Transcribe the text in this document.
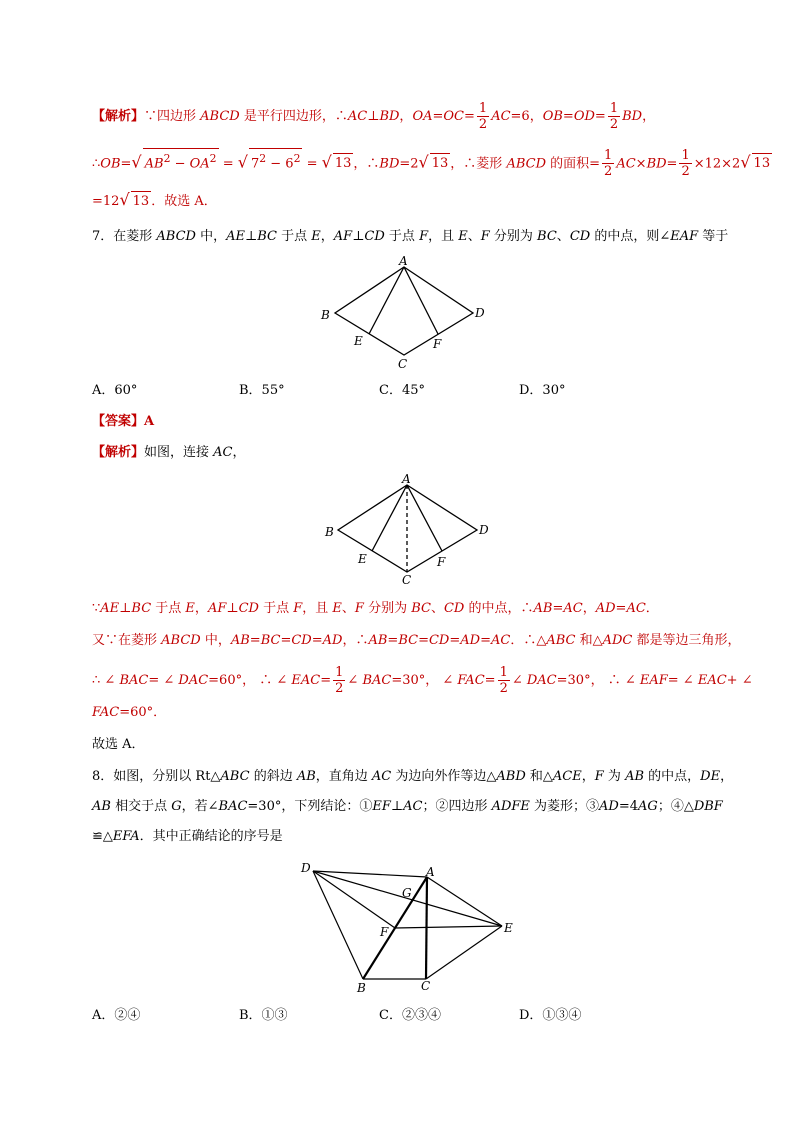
【解析】∵四边形 ABCD 是平行四边形，∴AC⊥BD，$OA=OC= \frac{1}{2} AC=6$，$OB=OD= \frac{1}{2}$ BD，
∴OB=√ $AB^2 - OA^2$ = √ $7^2 - 6^2$ = √ 13 ，∴BD=2√ 13 ，∴菱形 ABCD 的面积= $\frac{1}{2} AC\times BD= \frac{1}{2} \times 12\times 2√$ 13
=12√ 13 ．故选 A．
7．在菱形 ABCD 中，AE⊥BC 于点 E，AF⊥CD 于点 F，且 E、F 分别为 BC、CD 的中点，则∠EAF 等于
A
B
C
D
E	F
A．60°	B．55°	C．45°	D．30°
【答案】A
【解析】如图，连接 AC，
A
B
C
D
E	F
∵AE⊥BC 于点 E，AF⊥CD 于点 F，且 E、F 分别为 BC、CD 的中点，∴AB=AC，AD=AC．
又∵在菱形 ABCD 中，AB=BC=CD=AD，∴AB=BC=CD=AD=AC．∴△ABC 和△ADC 都是等边三角形，
∴ ∠ BAC= ∠ DAC=60°， ∴ ∠ $EAC= \frac{1}{2}$ ∠ BAC=30°， ∠ $FAC= \frac{1}{2}$ ∠ DAC=30°， ∴ ∠ EAF= ∠ EAC+ ∠
FAC=60°．
故选 A．
8．如图，分别以 Rt△ABC 的斜边 AB，直角边 AC 为边向外作等边△ABD 和△ACE，F 为 AB 的中点，DE，
AB 相交于点 G，若∠BAC=30°，下列结论：①EF⊥AC；②四边形 ADFE 为菱形；③AD=4AG；④△DBF
≌△EFA．其中正确结论的序号是
D	A
G
F	E
B	C
A．②④	B．①③	C．②③④	D．①③④
